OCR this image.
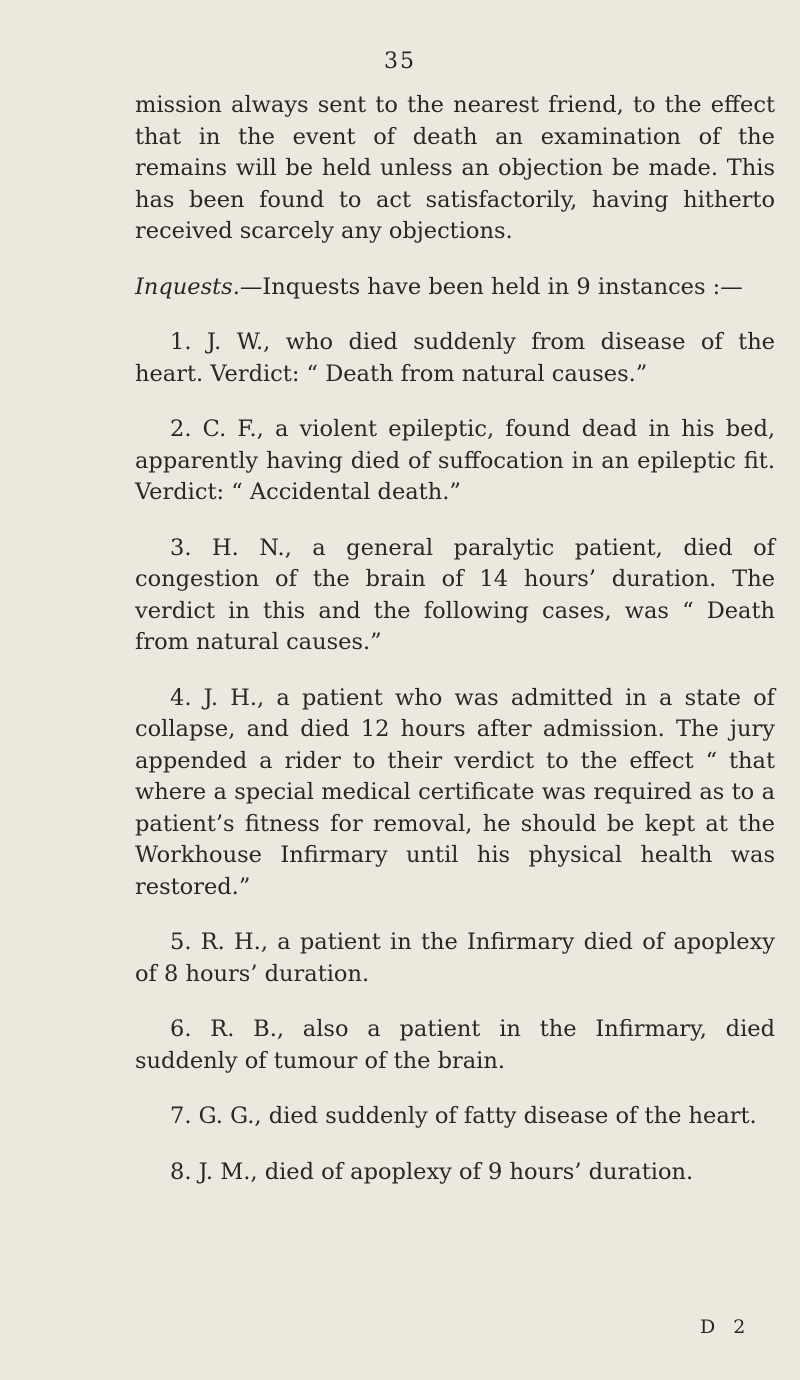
35

mission always sent to the nearest friend, to the effect that in the event of death an examination of the remains will be held unless an objection be made. This has been found to act satisfactorily, having hitherto received scarcely any objections.

Inquests.—Inquests have been held in 9 instances :—

1. J. W., who died suddenly from disease of the heart. Verdict: “ Death from natural causes.”

2. C. F., a violent epileptic, found dead in his bed, apparently having died of suffocation in an epileptic fit. Verdict: “ Accidental death.”

3. H. N., a general paralytic patient, died of congestion of the brain of 14 hours’ duration. The verdict in this and the following cases, was “ Death from natural causes.”

4. J. H., a patient who was admitted in a state of collapse, and died 12 hours after admission. The jury appended a rider to their verdict to the effect “ that where a special medical certificate was required as to a patient’s fitness for removal, he should be kept at the Workhouse Infirmary until his physical health was restored.”

5. R. H., a patient in the Infirmary died of apoplexy of 8 hours’ duration.

6. R. B., also a patient in the Infirmary, died suddenly of tumour of the brain.

7. G. G., died suddenly of fatty disease of the heart.

8. J. M., died of apoplexy of 9 hours’ duration.

D 2
